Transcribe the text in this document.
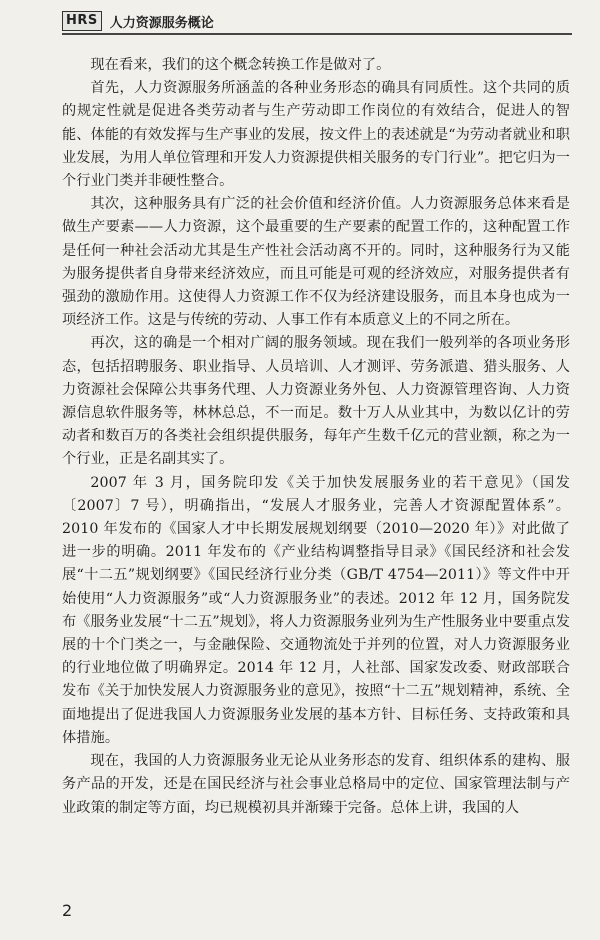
HRS 人力资源服务概论

现在看来，我们的这个概念转换工作是做对了。

首先，人力资源服务所涵盖的各种业务形态的确具有同质性。这个共同的质的规定性就是促进各类劳动者与生产劳动即工作岗位的有效结合，促进人的智能、体能的有效发挥与生产事业的发展，按文件上的表述就是“为劳动者就业和职业发展，为用人单位管理和开发人力资源提供相关服务的专门行业”。把它归为一个行业门类并非硬性整合。

其次，这种服务具有广泛的社会价值和经济价值。人力资源服务总体来看是做生产要素——人力资源，这个最重要的生产要素的配置工作的，这种配置工作是任何一种社会活动尤其是生产性社会活动离不开的。同时，这种服务行为又能为服务提供者自身带来经济效应，而且可能是可观的经济效应，对服务提供者有强劲的激励作用。这使得人力资源工作不仅为经济建设服务，而且本身也成为一项经济工作。这是与传统的劳动、人事工作有本质意义上的不同之所在。

再次，这的确是一个相对广阔的服务领域。现在我们一般列举的各项业务形态，包括招聘服务、职业指导、人员培训、人才测评、劳务派遣、猎头服务、人力资源社会保障公共事务代理、人力资源业务外包、人力资源管理咨询、人力资源信息软件服务等，林林总总，不一而足。数十万人从业其中，为数以亿计的劳动者和数百万的各类社会组织提供服务，每年产生数千亿元的营业额，称之为一个行业，正是名副其实了。

2007 年 3 月，国务院印发《关于加快发展服务业的若干意见》（国发〔2007〕7 号），明确指出，“发展人才服务业，完善人才资源配置体系”。2010 年发布的《国家人才中长期发展规划纲要（2010—2020 年）》对此做了进一步的明确。2011 年发布的《产业结构调整指导目录》《国民经济和社会发展“十二五”规划纲要》《国民经济行业分类（GB/T 4754—2011）》等文件中开始使用“人力资源服务”或“人力资源服务业”的表述。2012 年 12 月，国务院发布《服务业发展“十二五”规划》，将人力资源服务业列为生产性服务业中要重点发展的十个门类之一，与金融保险、交通物流处于并列的位置，对人力资源服务业的行业地位做了明确界定。2014 年 12 月，人社部、国家发改委、财政部联合发布《关于加快发展人力资源服务业的意见》，按照“十二五”规划精神，系统、全面地提出了促进我国人力资源服务业发展的基本方针、目标任务、支持政策和具体措施。

现在，我国的人力资源服务业无论从业务形态的发育、组织体系的建构、服务产品的开发，还是在国民经济与社会事业总格局中的定位、国家管理法制与产业政策的制定等方面，均已规模初具并渐臻于完备。总体上讲，我国的人

2
